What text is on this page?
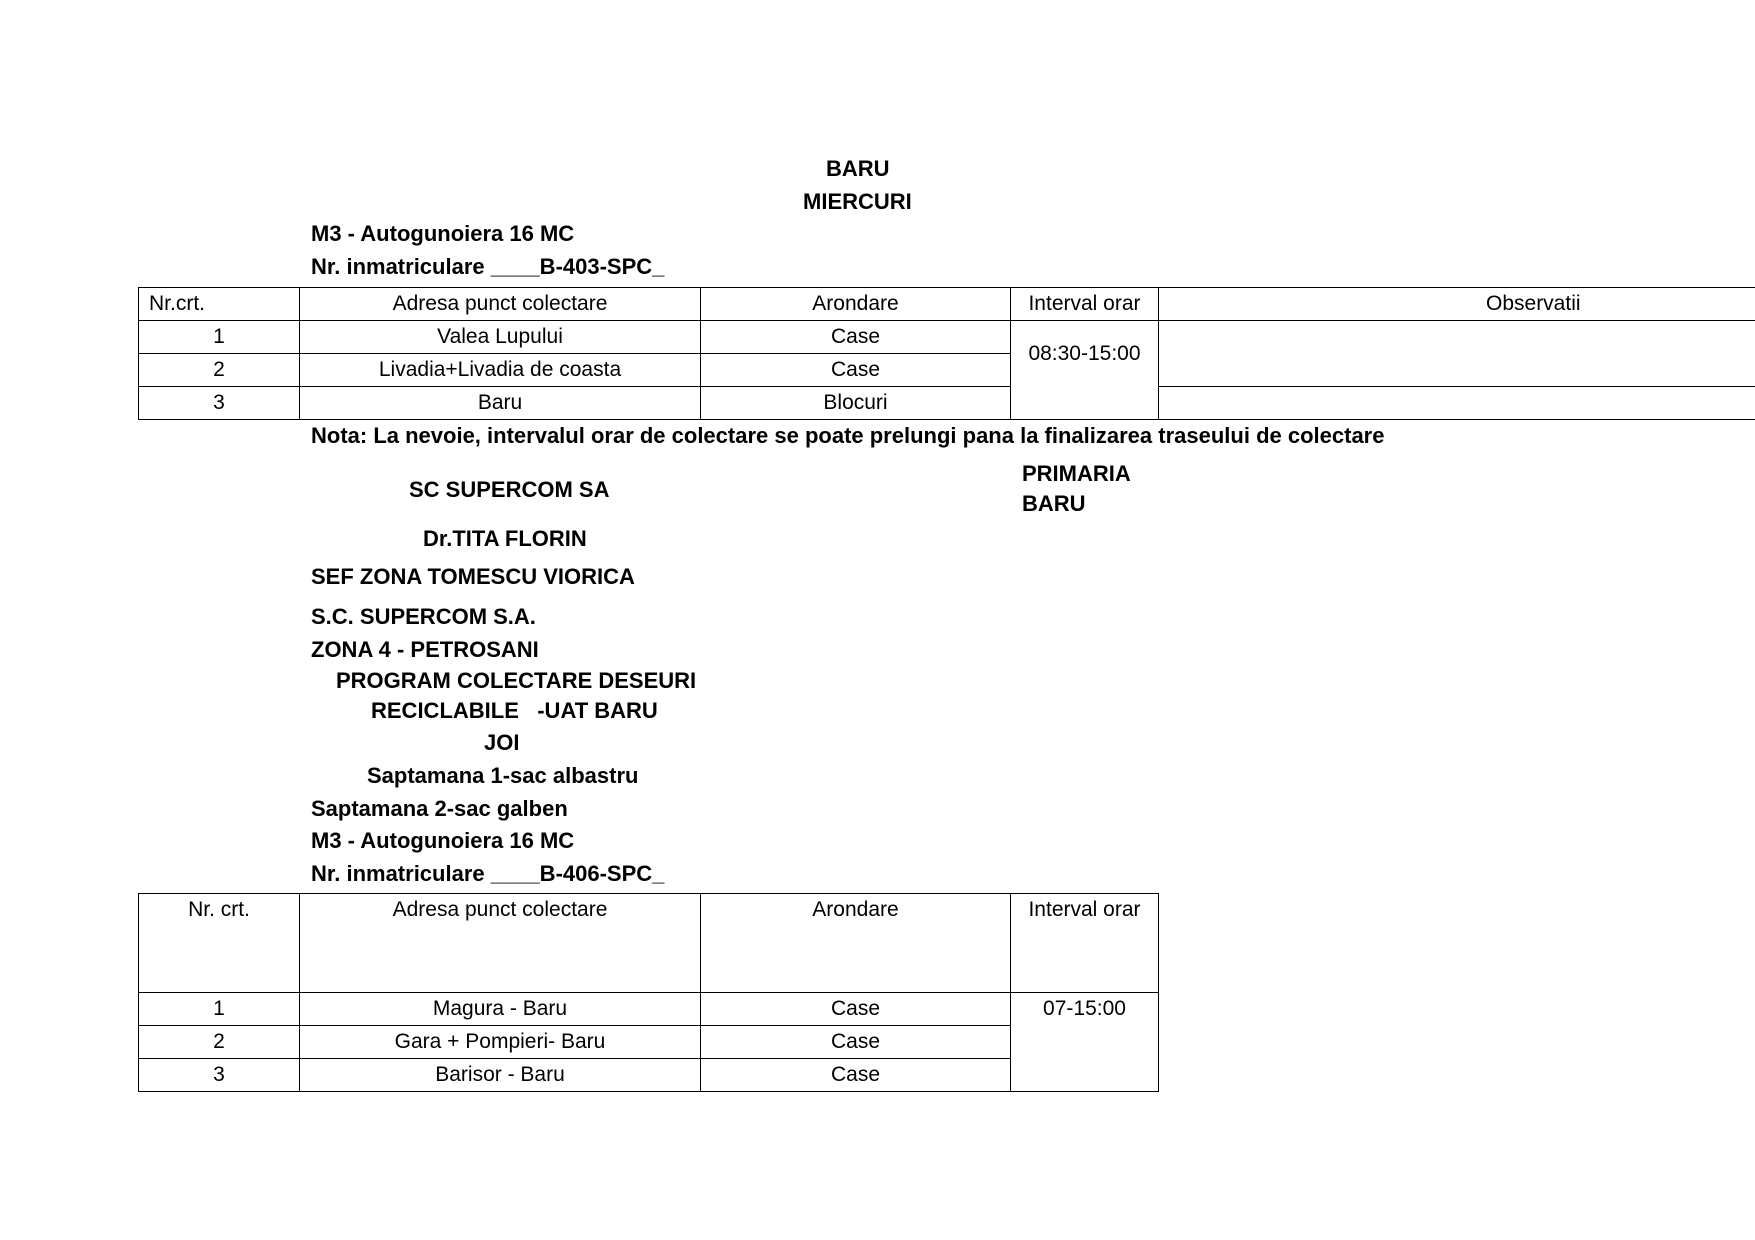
BARU
MIERCURI
M3 - Autogunoiera 16 MC
Nr. inmatriculare ____B-403-SPC_
Nr.crt.	Adresa punct colectare	Arondare	Interval orar	Observatii
1	Valea Lupului	Case	08:30-15:00	
2	Livadia+Livadia de coasta	Case		
3	Baru	Blocuri		
Nota: La nevoie, intervalul orar de colectare se poate prelungi pana la finalizarea traseului de colectare
SC SUPERCOM SA
PRIMARIA
BARU
Dr.TITA FLORIN
SEF ZONA TOMESCU VIORICA
S.C. SUPERCOM S.A.
ZONA 4 - PETROSANI
PROGRAM COLECTARE DESEURI
RECICLABILE   -UAT BARU
JOI
Saptamana 1-sac albastru
Saptamana 2-sac galben
M3 - Autogunoiera 16 MC
Nr. inmatriculare ____B-406-SPC_
Nr. crt.	Adresa punct colectare	Arondare	Interval orar
1	Magura - Baru	Case	07-15:00
2	Gara + Pompieri- Baru	Case	
3	Barisor - Baru	Case	
